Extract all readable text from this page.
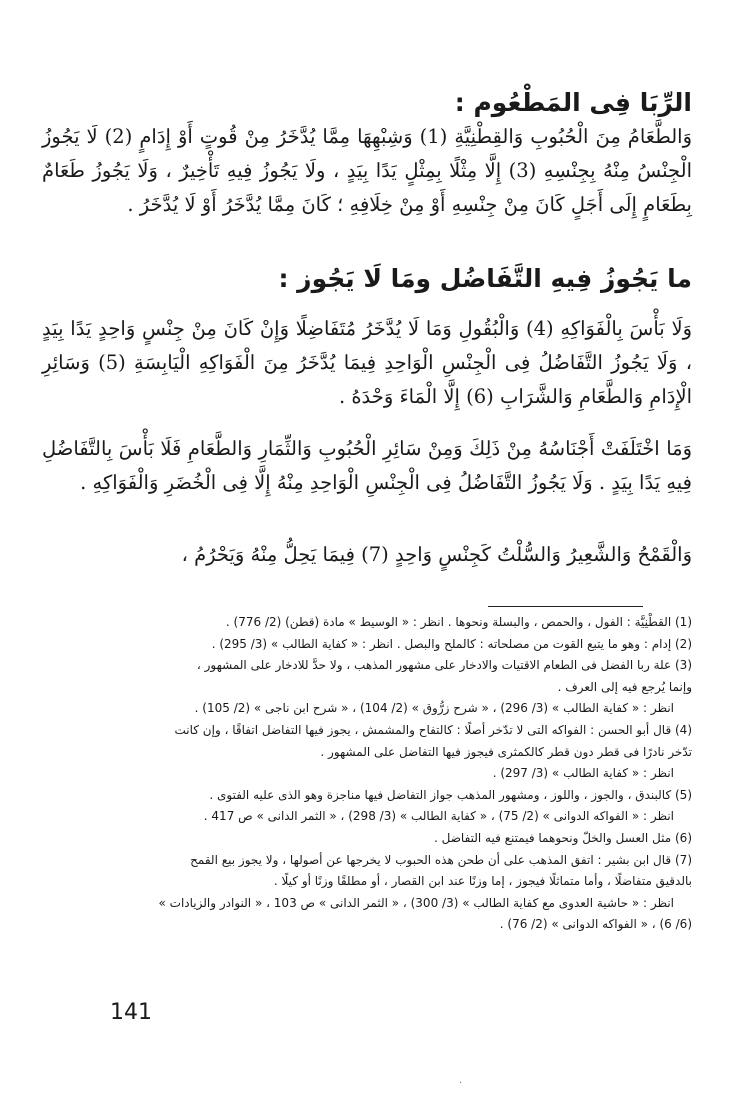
الرِّبَا فِى المَطْعُوم :

وَالطَّعَامُ مِنَ الْحُبُوبِ وَالقِطْنِيَّةِ (1) وَشِبْهِهَا مِمَّا يُدَّخَرُ مِنْ قُوتٍ أَوْ إِدَامٍ (2) لَا يَجُوزُ الْجِنْسُ مِنْهُ بِجِنْسِهِ (3) إِلَّا مِثْلًا بِمِثْلٍ يَدًا بِيَدٍ ، ولَا يَجُوزُ فِيهِ تَأْخِيرٌ ، وَلَا يَجُوزُ طَعَامٌ بِطَعَامٍ إِلَى أَجَلٍ كَانَ مِنْ جِنْسِهِ أَوْ مِنْ خِلَافِهِ ؛ كَانَ مِمَّا يُدَّخَرُ أَوْ لَا يُدَّخَرُ .

ما يَجُوزُ فِيهِ التَّفَاضُل ومَا لَا يَجُوز :

وَلَا بَأْسَ بِالْفَوَاكِهِ (4) وَالْبُقُولِ وَمَا لَا يُدَّخَرُ مُتَفَاضِلًا وَإِنْ كَانَ مِنْ جِنْسٍ وَاحِدٍ يَدًا بِيَدٍ ، وَلَا يَجُوزُ التَّفَاضُلُ فِى الْجِنْسِ الْوَاحِدِ فِيمَا يُدَّخَرُ مِنَ الْفَوَاكِهِ الْيَابِسَةِ (5) وَسَائِرِ الْإِدَامِ وَالطَّعَامِ وَالشَّرَابِ (6) إِلَّا الْمَاءَ وَحْدَهُ .

وَمَا اخْتَلَفَتْ أَجْنَاسُهُ مِنْ ذَلِكَ وَمِنْ سَائِرِ الْحُبُوبِ وَالثِّمَارِ وَالطَّعَامِ فَلَا بَأْسَ بِالتَّفَاضُلِ فِيهِ يَدًا بِيَدٍ . وَلَا يَجُوزُ التَّفَاضُلُ فِى الْجِنْسِ الْوَاحِدِ مِنْهُ إِلَّا فِى الْخُضَرِ وَالْفَوَاكِهِ .

وَالْقَمْحُ وَالشَّعِيرُ وَالسُّلْتُ كَجِنْسٍ وَاحِدٍ (7) فِيمَا يَحِلُّ مِنْهُ وَيَحْرُمُ ،

(1) القطْنِيَّة : الفول ، والحمص ، والبسلة ونحوها . انظر : « الوسيط » مادة (قطن) (2/ 776) .

(2) إدام : وهو ما يتبع القوت من مصلحاته : كالملح والبصل . انظر : « كفاية الطالب » (3/ 295) .

(3) علة ربا الفضل فى الطعام الاقتيات والادخار على مشهور المذهب ، ولا حدَّ للادخار على المشهور ،

وإنما يُرجع فيه إلى العرف .

انظر : « كفاية الطالب » (3/ 296) ، « شرح زرُّوق » (2/ 104) ، « شرح ابن ناجى » (2/ 105) .

(4) قال أبو الحسن : الفواكه التى لا تدّخر أصلًا : كالتفاح والمشمش ، يجوز فيها التفاضل اتفاقًا ، وإن كانت

تدّخر نادرًا فى قطر دون قطر كالكمثرى فيجوز فيها التفاضل على المشهور .

انظر : « كفاية الطالب » (3/ 297) .

(5) كالبندق ، والجوز ، واللوز ، ومشهور المذهب جواز التفاضل فيها مناجزة وهو الذى عليه الفتوى .

انظر : « الفواكه الدوانى » (2/ 75) ، « كفاية الطالب » (3/ 298) ، « الثمر الدانى » ص 417 .

(6) مثل العسل والخلّ ونحوهما فيمتنع فيه التفاضل .

(7) قال ابن بشير : اتفق المذهب على أن طحن هذه الحبوب لا يخرجها عن أصولها ، ولا يجوز بيع القمح

بالدقيق متفاضلًا ، وأما متماثلًا فيجوز ، إما وزنًا عند ابن القصار ، أو مطلقًا وزنًا أو كيلًا .

انظر : « حاشية العدوى مع كفاية الطالب » (3/ 300) ، « الثمر الدانى » ص 103 ، « النوادر والزيادات »

(6/ 6) ، « الفواكه الدوانى » (2/ 76) .

141

·
